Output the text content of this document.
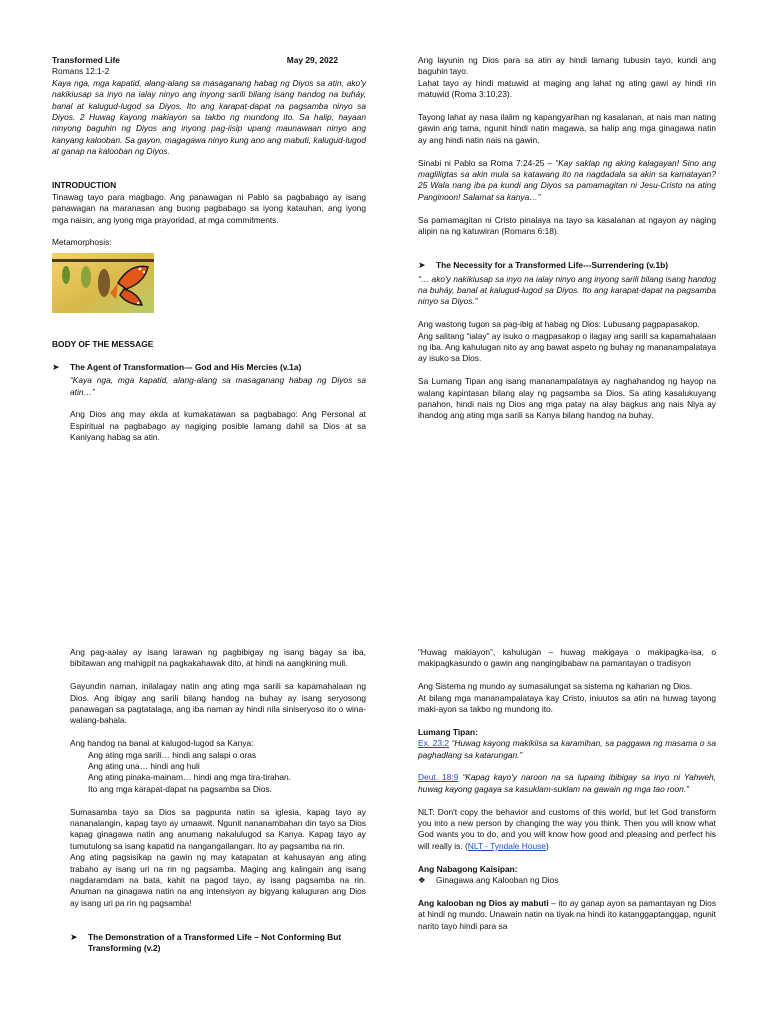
Transformed Life	May 29, 2022
Romans 12:1-2

Kaya nga, mga kapatid, alang-alang sa masaganang habag ng Diyos sa atin, ako'y nakikiusap sa inyo na ialay ninyo ang inyong sarili bilang isang handog na buháy, banal at kalugud-lugod sa Diyos. Ito ang karapat-dapat na pagsamba ninyo sa Diyos. 2 Huwag kayong makiayon sa takbo ng mundong ito. Sa halip, hayaan ninyong baguhin ng Diyos ang inyong pag-iisip upang maunawaan ninyo ang kanyang kalooban. Sa gayon, magagawa ninyo kung ano ang mabuti, kalugud-lugod at ganap na kalooban ng Diyos.

INTRODUCTION

Tinawag tayo para magbago. Ang panawagan ni Pablo sa pagbabago ay isang panawagan na maranasan ang buong pagbabago sa iyong katauhan, ang iyong mga naisin, ang iyong mga prayoridad, at mga commitments.

Metamorphosis:
BODY OF THE MESSAGE
➤	The Agent of Transformation--- God and His Mercies (v.1a)

“Kaya nga, mga kapatid, alang-alang sa masaganang habag ng Diyos sa atin…”

Ang Dios ang may akda at kumakatawan sa pagbabago: Ang Personal at Espiritual na pagbabago ay nagiging posible lamang dahil sa Dios at sa Kaniyang habag sa atin.

Ang layunin ng Dios para sa atin ay hindi lamang tubusin tayo, kundi ang baguhin tayo.

Lahat tayo ay hindi matuwid at maging ang lahat ng ating gawi ay hindi rin matuwid (Roma 3:10,23).

Tayong lahat ay nasa ilalim ng kapangyarihan ng kasalanan, at nais man nating gawin ang tama, ngunit hindi natin magawa, sa halip ang mga ginagawa natin ay ang hindi natin nais na gawin.

Sinabi ni Pablo sa Roma 7:24-25 – “Kay saklap ng aking kalagayan! Sino ang magliligtas sa akin mula sa katawang ito na nagdadala sa akin sa kamatayan? 25 Wala nang iba pa kundi ang Diyos sa pamamagitan ni Jesu-Cristo na ating Panginoon! Salamat sa kanya…”

Sa pamamagitan ni Cristo pinalaya na tayo sa kasalanan at ngayon ay naging alipin na ng katuwiran (Romans 6:18).

➤	The Necessity for a Transformed Life---Surrendering (v.1b)

“… ako'y nakikiusap sa inyo na ialay ninyo ang inyong sarili bilang isang handog na buháy, banal at kalugud-lugod sa Diyos. Ito ang karapat-dapat na pagsamba ninyo sa Diyos.”

Ang wastong tugon sa pag-ibig at habag ng Dios: Lubusang pagpapasakop.

Ang salitang “ialay” ay isuko o magpasakop o ilagay ang sarili sa kapamahalaan ng iba. Ang kahulugan nito ay ang bawat aspeto ng buhay ng mananampalataya ay isuko sa Dios.

Sa Lumang Tipan ang isang mananampalataya ay naghahandog ng hayop na walang kapintasan bilang alay ng pagsamba sa Dios. Sa ating kasalukuyang panahon, hindi nais ng Dios ang mga patay na alay bagkus ang nais Niya ay ihandog ang ating mga sarili sa Kanya bilang handog na buhay.

Ang pag-aalay ay isang larawan ng pagbibigay ng isang bagay sa iba, bibitawan ang mahigpit na pagkakahawak dito, at hindi na aangkining muli.

Gayundin naman, inilalagay natin ang ating mga sarili sa kapamahalaan ng Dios. Ang ibigay ang sarili bilang handog na buhay ay isang seryosong panawagan sa pagtatalaga, ang iba naman ay hindi nila siniseryoso ito o wina-walang-bahala.

Ang handog na banal at kalugod-lugod sa Kanya:
Ang ating mga sarili… hindi ang salapi o oras
Ang ating una… hindi ang huli
Ang ating pinaka-mainam… hindi ang mga tira-tirahan.
Ito ang mga karapat-dapat na pagsamba sa Dios.

Sumasamba tayo sa Dios sa pagpunta natin sa iglesia, kapag tayo ay nananalangin, kapag tayo ay umaawit. Ngunit nananambahan din tayo sa Dios kapag ginagawa natin ang anumang nakalulugod sa Kanya. Kapag tayo ay tumutulong sa isang kapatid na nangangailangan. Ito ay pagsamba na rin.

Ang ating pagsisikap na gawin ng may katapatan at kahusayan ang ating trabaho ay isang uri na rin ng pagsamba. Maging ang kalingain ang isang nagdaramdam na bata, kahit na pagod tayo, ay isang pagsamba na rin. Anuman na ginagawa natin na ang intensiyon ay bigyang kaluguran ang Dios ay isang uri pa rin ng pagsamba!

➤	The Demonstration of a Transformed Life – Not Conforming But Transforming (v.2)

“Huwag makiayon”, kahulugan – huwag makigaya o makipagka-isa, o makipagkasundo o gawin ang nangingibabaw na pamantayan o tradisyon

Ang Sistema ng mundo ay sumasalungat sa sistema ng kaharian ng Dios.

At bilang mga mananampalataya kay Cristo, iniuutos sa atin na huwag tayong maki-ayon sa takbo ng mundong ito.

Lumang Tipan:

Ex. 23:2 “Huwag kayong makikiisa sa karamihan, sa paggawa ng masama o sa paghadlang sa katarungan.”

Deut. 18:9 “Kapag kayo'y naroon na sa lupaing ibibigay sa inyo ni Yahweh, huwag kayong gagaya sa kasuklam-suklam na gawain ng mga tao roon.”

NLT: Don't copy the behavior and customs of this world, but let God transform you into a new person by changing the way you think. Then you will know what God wants you to do, and you will know how good and pleasing and perfect his will really is. (NLT - Tyndale House)

Ang Nabagong Kaisipan:
❖ Ginagawa ang Kalooban ng Dios

Ang kalooban ng Dios ay mabuti – ito ay ganap ayon sa pamantayan ng Dios at hindi ng mundo. Unawain natin na tiyak na hindi ito katanggaptanggap, ngunit narito tayo hindi para sa
